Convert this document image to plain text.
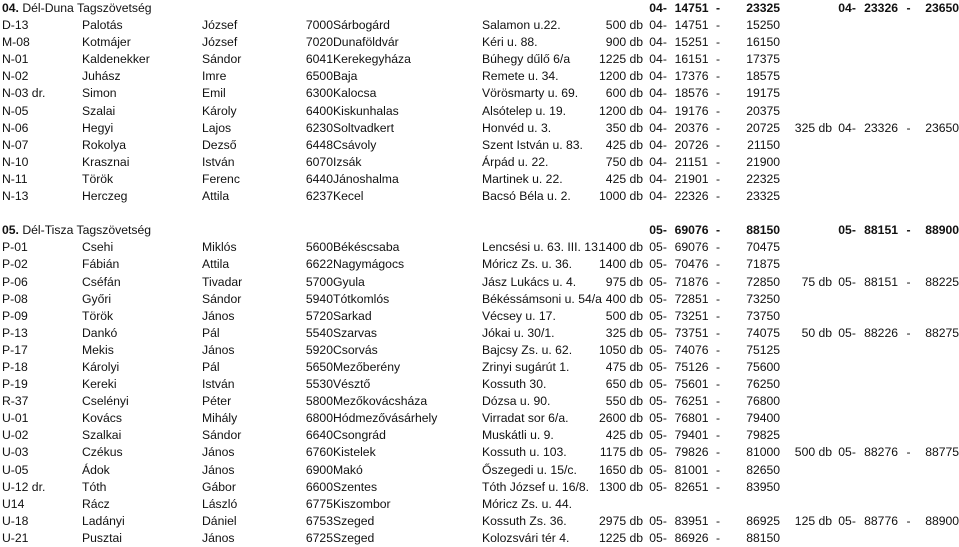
04. Dél-Duna Tagszövetség							04-	14751	-	23325		04-	23326	-	23650
D-13	Palotás	József	7000	Sárbogárd	Salamon u.22.	500 db	04-	14751	-	15250					
M-08	Kotmájer	József	7020	Dunaföldvár	Kéri u. 88.	900 db	04-	15251	-	16150					
N-01	Kaldenekker	Sándor	6041	Kerekegyháza	Búhegy dűlő 6/a	1225 db	04-	16151	-	17375					
N-02	Juhász	Imre	6500	Baja	Remete u. 34.	1200 db	04-	17376	-	18575					
N-03 dr.	Simon	Emil	6300	Kalocsa	Vörösmarty u. 69.	600 db	04-	18576	-	19175					
N-05	Szalai	Károly	6400	Kiskunhalas	Alsótelep u. 19.	1200 db	04-	19176	-	20375					
N-06	Hegyi	Lajos	6230	Soltvadkert	Honvéd u. 3.	350 db	04-	20376	-	20725	325 db	04-	23326	-	23650
N-07	Rokolya	Dezső	6448	Csávoly	Szent István u. 83.	425 db	04-	20726	-	21150					
N-10	Krasznai	István	6070	Izsák	Árpád u. 22.	750 db	04-	21151	-	21900					
N-11	Török	Ferenc	6440	Jánoshalma	Martinek u. 22.	425 db	04-	21901	-	22325					
N-13	Herczeg	Attila	6237	Kecel	Bacsó Béla u. 2.	1000 db	04-	22326	-	23325					

05. Dél-Tisza Tagszövetség							05-	69076	-	88150		05-	88151	-	88900
P-01	Csehi	Miklós	5600	Békéscsaba	Lencsési u. 63. III. 13.	1400 db	05-	69076	-	70475					
P-02	Fábián	Attila	6622	Nagymágocs	Móricz Zs. u. 36.	1400 db	05-	70476	-	71875					
P-06	Cséfán	Tivadar	5700	Gyula	Jász Lukács u. 4.	975 db	05-	71876	-	72850	75 db	05-	88151	-	88225
P-08	Győri	Sándor	5940	Tótkomlós	Békéssámsoni u. 54/a	400 db	05-	72851	-	73250					
P-09	Török	János	5720	Sarkad	Vécsey u. 17.	500 db	05-	73251	-	73750					
P-13	Dankó	Pál	5540	Szarvas	Jókai u. 30/1.	325 db	05-	73751	-	74075	50 db	05-	88226	-	88275
P-17	Mekis	János	5920	Csorvás	Bajcsy Zs. u. 62.	1050 db	05-	74076	-	75125					
P-18	Károlyi	Pál	5650	Mezőberény	Zrinyi sugárút 1.	475 db	05-	75126	-	75600					
P-19	Kereki	István	5530	Vésztő	Kossuth 30.	650 db	05-	75601	-	76250					
R-37	Cselényi	Péter	5800	Mezőkovácsháza	Dózsa u. 90.	550 db	05-	76251	-	76800					
U-01	Kovács	Mihály	6800	Hódmezővásárhely	Virradat sor 6/a.	2600 db	05-	76801	-	79400					
U-02	Szalkai	Sándor	6640	Csongrád	Muskátli u. 9.	425 db	05-	79401	-	79825					
U-03	Czékus	János	6760	Kistelek	Kossuth u. 103.	1175 db	05-	79826	-	81000	500 db	05-	88276	-	88775
U-05	Ádok	János	6900	Makó	Őszegedi u. 15/c.	1650 db	05-	81001	-	82650					
U-12 dr.	Tóth	Gábor	6600	Szentes	Tóth József u. 16/8.	1300 db	05-	82651	-	83950					
U14	Rácz	László	6775	Kiszombor	Móricz Zs. u. 44.										
U-18	Ladányi	Dániel	6753	Szeged	Kossuth Zs. 36.	2975 db	05-	83951	-	86925	125 db	05-	88776	-	88900
U-21	Pusztai	János	6725	Szeged	Kolozsvári tér 4.	1225 db	05-	86926	-	88150					
